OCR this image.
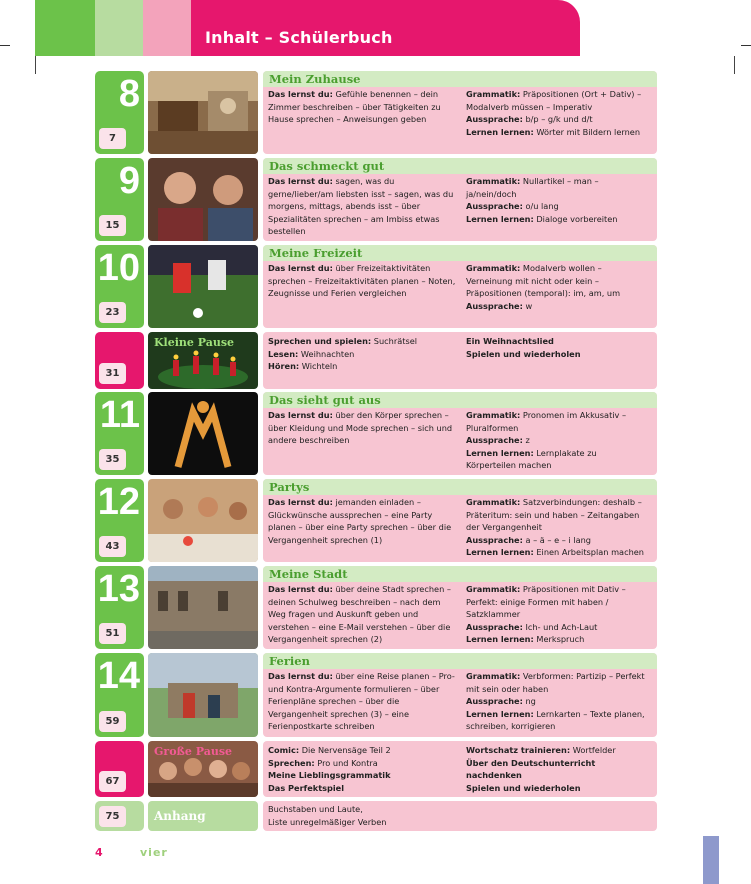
Inhalt – Schülerbuch
8
7
Mein Zuhause
Das lernst du: Gefühle benennen – dein Zimmer beschreiben – über Tätigkeiten zu Hause sprechen – Anweisungen geben
Grammatik: Präpositionen (Ort + Dativ) – Modalverb müssen – Imperativ
Aussprache: b/p – g/k und d/t
Lernen lernen: Wörter mit Bildern lernen
9
15
Das schmeckt gut
Das lernst du: sagen, was du gerne/lieber/am liebsten isst – sagen, was du morgens, mittags, abends isst – über Spezialitäten sprechen – am Imbiss etwas bestellen
Grammatik: Nullartikel – man – ja/nein/doch
Aussprache: o/u lang
Lernen lernen: Dialoge vorbereiten
10
23
Meine Freizeit
Das lernst du: über Freizeitaktivitäten sprechen – Freizeitaktivitäten planen – Noten, Zeugnisse und Ferien vergleichen
Grammatik: Modalverb wollen – Verneinung mit nicht oder kein – Präpositionen (temporal): im, am, um
Aussprache: w
31
Kleine Pause	Sprechen und spielen: Suchrätsel
Lesen: Weihnachten
Hören: Wichteln
Ein Weihnachtslied
Spielen und wiederholen
11
35
Das sieht gut aus
Das lernst du: über den Körper sprechen – über Kleidung und Mode sprechen – sich und andere beschreiben
Grammatik: Pronomen im Akkusativ – Pluralformen
Aussprache: z
Lernen lernen: Lernplakate zu Körperteilen machen
12
43
Partys
Das lernst du: jemanden einladen – Glückwünsche aussprechen – eine Party planen – über eine Party sprechen – über die Vergangenheit sprechen (1)
Grammatik: Satzverbindungen: deshalb – Präteritum: sein und haben – Zeitangaben der Vergangenheit
Aussprache: a – ä – e – i lang
Lernen lernen: Einen Arbeitsplan machen
13
51
Meine Stadt
Das lernst du: über deine Stadt sprechen – deinen Schulweg beschreiben – nach dem Weg fragen und Auskunft geben und verstehen – eine E-Mail verstehen – über die Vergangenheit sprechen (2)
Grammatik: Präpositionen mit Dativ – Perfekt: einige Formen mit haben / Satzklammer
Aussprache: Ich- und Ach-Laut
Lernen lernen: Merkspruch
14
59
Ferien
Das lernst du: über eine Reise planen – Pro- und Kontra-Argumente formulieren – über Ferienpläne sprechen – über die Vergangenheit sprechen (3) – eine Ferienpostkarte schreiben
Grammatik: Verbformen: Partizip – Perfekt mit sein oder haben
Aussprache: ng
Lernen lernen: Lernkarten – Texte planen, schreiben, korrigieren
67
Große Pause	Comic: Die Nervensäge Teil 2
Sprechen: Pro und Kontra
Meine Lieblingsgrammatik
Das Perfektspiel
Wortschatz trainieren: Wortfelder
Über den Deutschunterricht nachdenken
Spielen und wiederholen
75	Anhang	Buchstaben und Laute,
Liste unregelmäßiger Verben
4	vier
